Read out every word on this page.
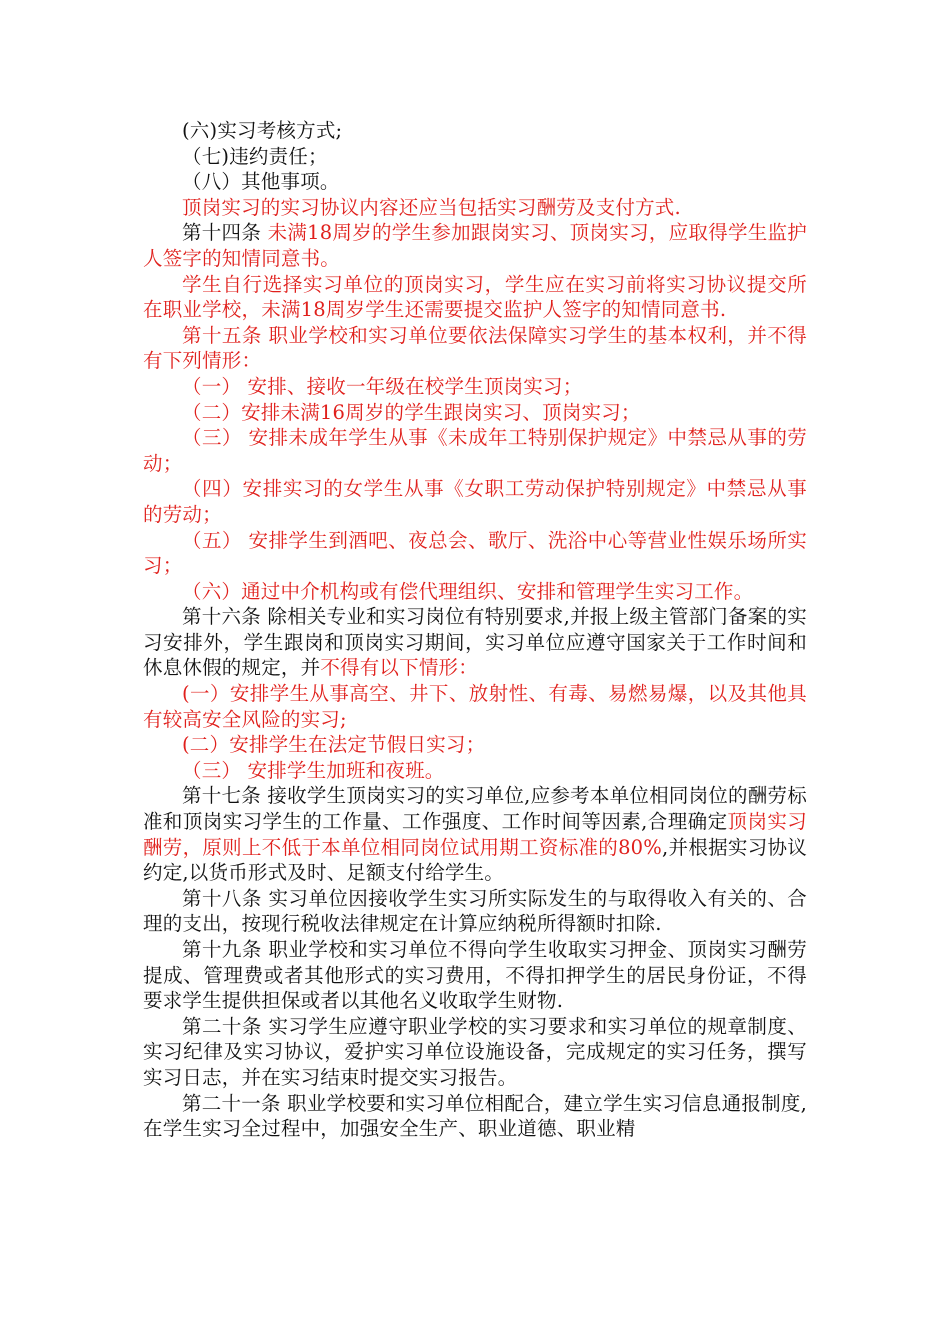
(六)实习考核方式;

（七)违约责任；

（八）其他事项。

顶岗实习的实习协议内容还应当包括实习酬劳及支付方式.

第十四条 未满18周岁的学生参加跟岗实习、顶岗实习，应取得学生监护人签字的知情同意书。

学生自行选择实习单位的顶岗实习，学生应在实习前将实习协议提交所在职业学校，未满18周岁学生还需要提交监护人签字的知情同意书.

第十五条 职业学校和实习单位要依法保障实习学生的基本权利，并不得有下列情形：

（一） 安排、接收一年级在校学生顶岗实习；

（二）安排未满16周岁的学生跟岗实习、顶岗实习；

（三） 安排未成年学生从事《未成年工特别保护规定》中禁忌从事的劳动；

（四）安排实习的女学生从事《女职工劳动保护特别规定》中禁忌从事的劳动；

（五） 安排学生到酒吧、夜总会、歌厅、洗浴中心等营业性娱乐场所实习；

（六）通过中介机构或有偿代理组织、安排和管理学生实习工作。

第十六条 除相关专业和实习岗位有特别要求,并报上级主管部门备案的实习安排外，学生跟岗和顶岗实习期间，实习单位应遵守国家关于工作时间和休息休假的规定，并不得有以下情形：

(一）安排学生从事高空、井下、放射性、有毒、易燃易爆，以及其他具有较高安全风险的实习;

(二）安排学生在法定节假日实习；

（三） 安排学生加班和夜班。

第十七条 接收学生顶岗实习的实习单位,应参考本单位相同岗位的酬劳标准和顶岗实习学生的工作量、工作强度、工作时间等因素,合理确定顶岗实习酬劳，原则上不低于本单位相同岗位试用期工资标准的80%,并根据实习协议约定,以货币形式及时、足额支付给学生。

第十八条 实习单位因接收学生实习所实际发生的与取得收入有关的、合理的支出，按现行税收法律规定在计算应纳税所得额时扣除.

第十九条 职业学校和实习单位不得向学生收取实习押金、顶岗实习酬劳提成、管理费或者其他形式的实习费用，不得扣押学生的居民身份证，不得要求学生提供担保或者以其他名义收取学生财物.

第二十条 实习学生应遵守职业学校的实习要求和实习单位的规章制度、实习纪律及实习协议，爱护实习单位设施设备，完成规定的实习任务，撰写实习日志，并在实习结束时提交实习报告。

第二十一条 职业学校要和实习单位相配合，建立学生实习信息通报制度,在学生实习全过程中，加强安全生产、职业道德、职业精
